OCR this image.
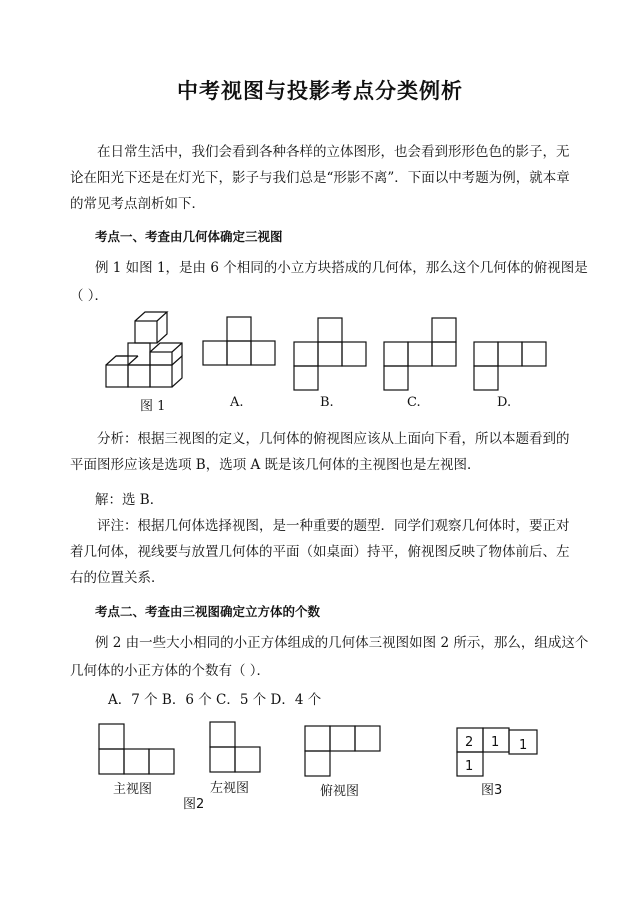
中考视图与投影考点分类例析
在日常生活中，我们会看到各种各样的立体图形，也会看到形形色色的影子，无论在阳光下还是在灯光下，影子与我们总是“形影不离”．下面以中考题为例，就本章的常见考点剖析如下．
考点一、考查由几何体确定三视图
例 1 如图 1，是由 6 个相同的小立方块搭成的几何体，那么这个几何体的俯视图是
（ ）．
图 1	A.	B.	C.	D.
分析：根据三视图的定义，几何体的俯视图应该从上面向下看，所以本题看到的平面图形应该是选项 B，选项 A 既是该几何体的主视图也是左视图．
解：选 B．
评注：根据几何体选择视图，是一种重要的题型．同学们观察几何体时，要正对着几何体，视线要与放置几何体的平面（如桌面）持平，俯视图反映了物体前后、左右的位置关系．
考点二、考查由三视图确定立方体的个数
例 2 由一些大小相同的小正方体组成的几何体三视图如图 2 所示，那么，组成这个
几何体的小正方体的个数有（ ）．
A．7 个 B．6 个 C．5 个 D．4 个
2 1 1
1
主视图	左视图	俯视图
图2
图3
